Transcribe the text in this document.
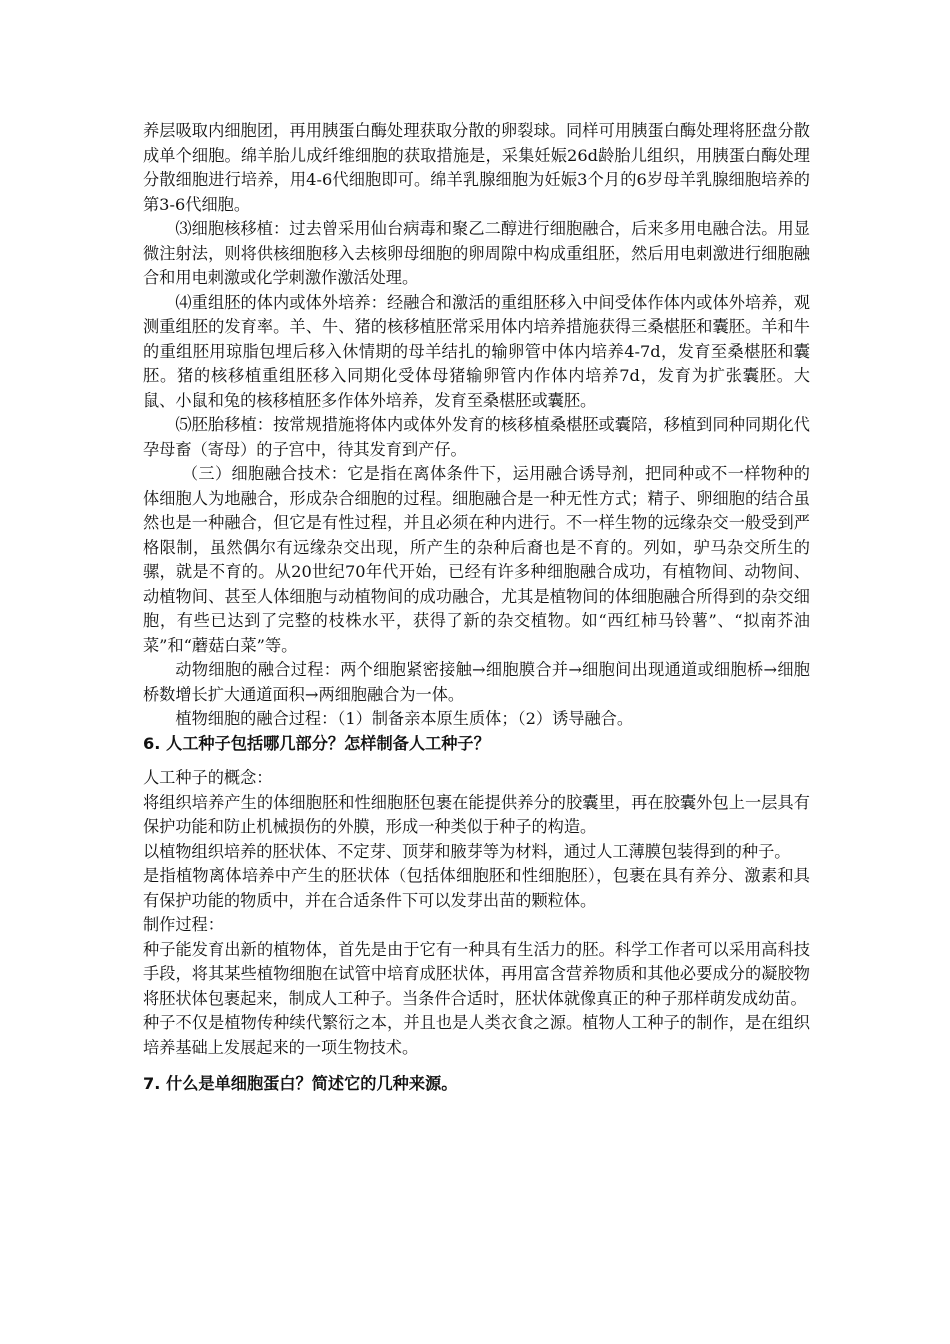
养层吸取内细胞团，再用胰蛋白酶处理获取分散的卵裂球。同样可用胰蛋白酶处理将胚盘分散成单个细胞。绵羊胎儿成纤维细胞的获取措施是，采集妊娠26d龄胎儿组织，用胰蛋白酶处理分散细胞进行培养，用4-6代细胞即可。绵羊乳腺细胞为妊娠3个月的6岁母羊乳腺细胞培养的第3-6代细胞。

⑶细胞核移植：过去曾采用仙台病毒和聚乙二醇进行细胞融合，后来多用电融合法。用显微注射法，则将供核细胞移入去核卵母细胞的卵周隙中构成重组胚，然后用电刺激进行细胞融合和用电刺激或化学刺激作激活处理。

⑷重组胚的体内或体外培养：经融合和激活的重组胚移入中间受体作体内或体外培养，观测重组胚的发育率。羊、牛、猪的核移植胚常采用体内培养措施获得三桑椹胚和囊胚。羊和牛的重组胚用琼脂包埋后移入休情期的母羊结扎的输卵管中体内培养4-7d，发育至桑椹胚和囊胚。猪的核移植重组胚移入同期化受体母猪输卵管内作体内培养7d，发育为扩张囊胚。大鼠、小鼠和兔的核移植胚多作体外培养，发育至桑椹胚或囊胚。

⑸胚胎移植：按常规措施将体内或体外发育的核移植桑椹胚或囊陪，移植到同种同期化代孕母畜（寄母）的子宫中，待其发育到产仔。

（三）细胞融合技术：它是指在离体条件下，运用融合诱导剂，把同种或不一样物种的体细胞人为地融合，形成杂合细胞的过程。细胞融合是一种无性方式；精子、卵细胞的结合虽然也是一种融合，但它是有性过程，并且必须在种内进行。不一样生物的远缘杂交一般受到严格限制，虽然偶尔有远缘杂交出现，所产生的杂种后裔也是不育的。列如，驴马杂交所生的骡，就是不育的。从20世纪70年代开始，已经有许多种细胞融合成功，有植物间、动物间、动植物间、甚至人体细胞与动植物间的成功融合，尤其是植物间的体细胞融合所得到的杂交细胞，有些已达到了完整的枝株水平，获得了新的杂交植物。如“西红柿马铃薯”、“拟南芥油菜”和“蘑菇白菜”等。

动物细胞的融合过程：两个细胞紧密接触→细胞膜合并→细胞间出现通道或细胞桥→细胞桥数增长扩大通道面积→两细胞融合为一体。

植物细胞的融合过程：（1）制备亲本原生质体；（2）诱导融合。

6. 人工种子包括哪几部分？怎样制备人工种子？

人工种子的概念：

将组织培养产生的体细胞胚和性细胞胚包裹在能提供养分的胶囊里，再在胶囊外包上一层具有保护功能和防止机械损伤的外膜，形成一种类似于种子的构造。

以植物组织培养的胚状体、不定芽、顶芽和腋芽等为材料，通过人工薄膜包装得到的种子。

是指植物离体培养中产生的胚状体（包括体细胞胚和性细胞胚），包裹在具有养分、激素和具有保护功能的物质中，并在合适条件下可以发芽出苗的颗粒体。

制作过程：

种子能发育出新的植物体，首先是由于它有一种具有生活力的胚。科学工作者可以采用高科技手段，将其某些植物细胞在试管中培育成胚状体，再用富含营养物质和其他必要成分的凝胶物将胚状体包裹起来，制成人工种子。当条件合适时，胚状体就像真正的种子那样萌发成幼苗。

种子不仅是植物传种续代繁衍之本，并且也是人类衣食之源。植物人工种子的制作，是在组织培养基础上发展起来的一项生物技术。

7. 什么是单细胞蛋白？简述它的几种来源。
